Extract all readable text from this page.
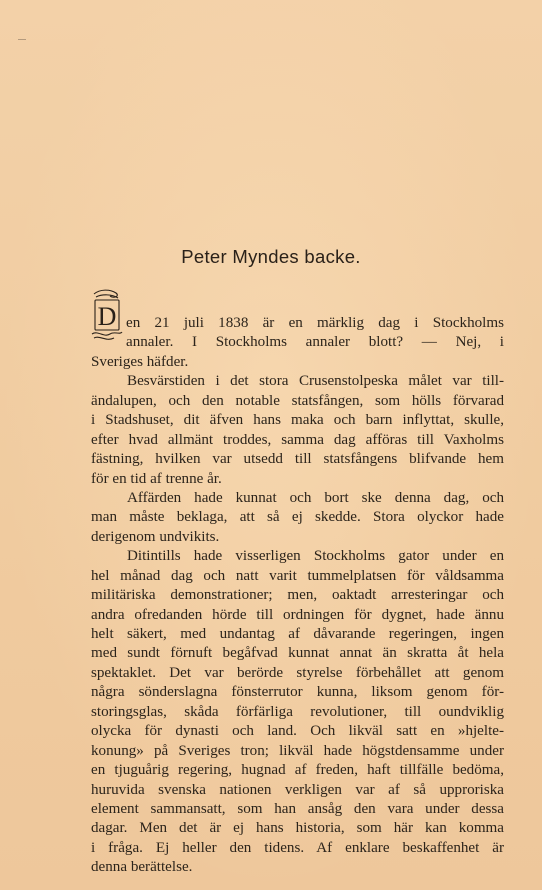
Peter Myndes backe.
D en 21 juli 1838 är en märklig dag i Stockholms
annaler. I Stockholms annaler blott? — Nej, i
Sveriges häfder.
Besvärstiden i det stora Crusenstolpeska målet var till-
ändalupen, och den notable statsfången, som hölls förvarad
i Stadshuset, dit äfven hans maka och barn inflyttat, skulle,
efter hvad allmänt troddes, samma dag afföras till Vaxholms
fästning, hvilken var utsedd till statsfångens blifvande hem
för en tid af trenne år.
Affärden hade kunnat och bort ske denna dag, och
man måste beklaga, att så ej skedde. Stora olyckor hade
derigenom undvikits.
Ditintills hade visserligen Stockholms gator under en
hel månad dag och natt varit tummelplatsen för våldsamma
militäriska demonstrationer; men, oaktadt arresteringar och
andra ofredanden hörde till ordningen för dygnet, hade ännu
helt säkert, med undantag af dåvarande regeringen, ingen
med sundt förnuft begåfvad kunnat annat än skratta åt hela
spektaklet. Det var berörde styrelse förbehållet att genom
några sönderslagna fönsterrutor kunna, liksom genom för-
storingsglas, skåda förfärliga revolutioner, till oundviklig
olycka för dynasti och land. Och likväl satt en »hjelte-
konung» på Sveriges tron; likväl hade högstdensamme under
en tjuguårig regering, hugnad af freden, haft tillfälle bedöma,
huruvida svenska nationen verkligen var af så upproriska
element sammansatt, som han ansåg den vara under dessa
dagar. Men det är ej hans historia, som här kan komma
i fråga. Ej heller den tidens. Af enklare beskaffenhet är
denna berättelse.
